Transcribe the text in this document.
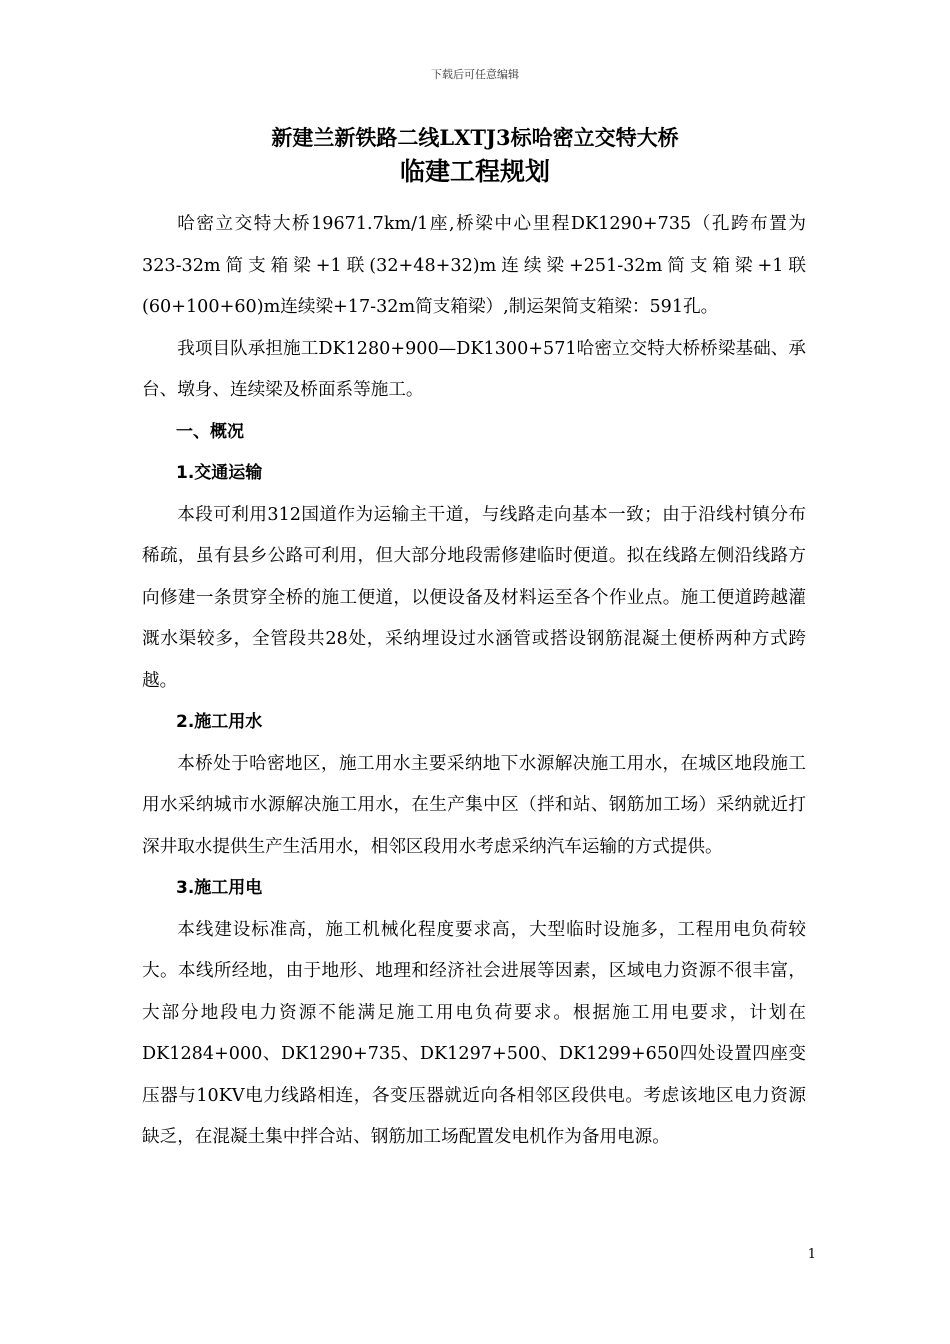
下载后可任意编辑
新建兰新铁路二线LXTJ3标哈密立交特大桥
临建工程规划

哈密立交特大桥19671.7km/1座,桥梁中心里程DK1290+735（孔跨布置为323-32m简支箱梁+1联(32+48+32)m连续梁+251-32m简支箱梁+1联(60+100+60)m连续梁+17-32m简支箱梁）,制运架简支箱梁：591孔。

我项目队承担施工DK1280+900—DK1300+571哈密立交特大桥桥梁基础、承台、墩身、连续梁及桥面系等施工。

一、概况

1.交通运输

本段可利用312国道作为运输主干道，与线路走向基本一致；由于沿线村镇分布稀疏，虽有县乡公路可利用，但大部分地段需修建临时便道。拟在线路左侧沿线路方向修建一条贯穿全桥的施工便道，以便设备及材料运至各个作业点。施工便道跨越灌溉水渠较多，全管段共28处，采纳埋设过水涵管或搭设钢筋混凝土便桥两种方式跨越。

2.施工用水

本桥处于哈密地区，施工用水主要采纳地下水源解决施工用水，在城区地段施工用水采纳城市水源解决施工用水，在生产集中区（拌和站、钢筋加工场）采纳就近打深井取水提供生产生活用水，相邻区段用水考虑采纳汽车运输的方式提供。

3.施工用电

本线建设标准高，施工机械化程度要求高，大型临时设施多，工程用电负荷较大。本线所经地，由于地形、地理和经济社会进展等因素，区域电力资源不很丰富，大部分地段电力资源不能满足施工用电负荷要求。根据施工用电要求，计划在DK1284+000、DK1290+735、DK1297+500、DK1299+650四处设置四座变压器与10KV电力线路相连，各变压器就近向各相邻区段供电。考虑该地区电力资源缺乏，在混凝土集中拌合站、钢筋加工场配置发电机作为备用电源。

1
